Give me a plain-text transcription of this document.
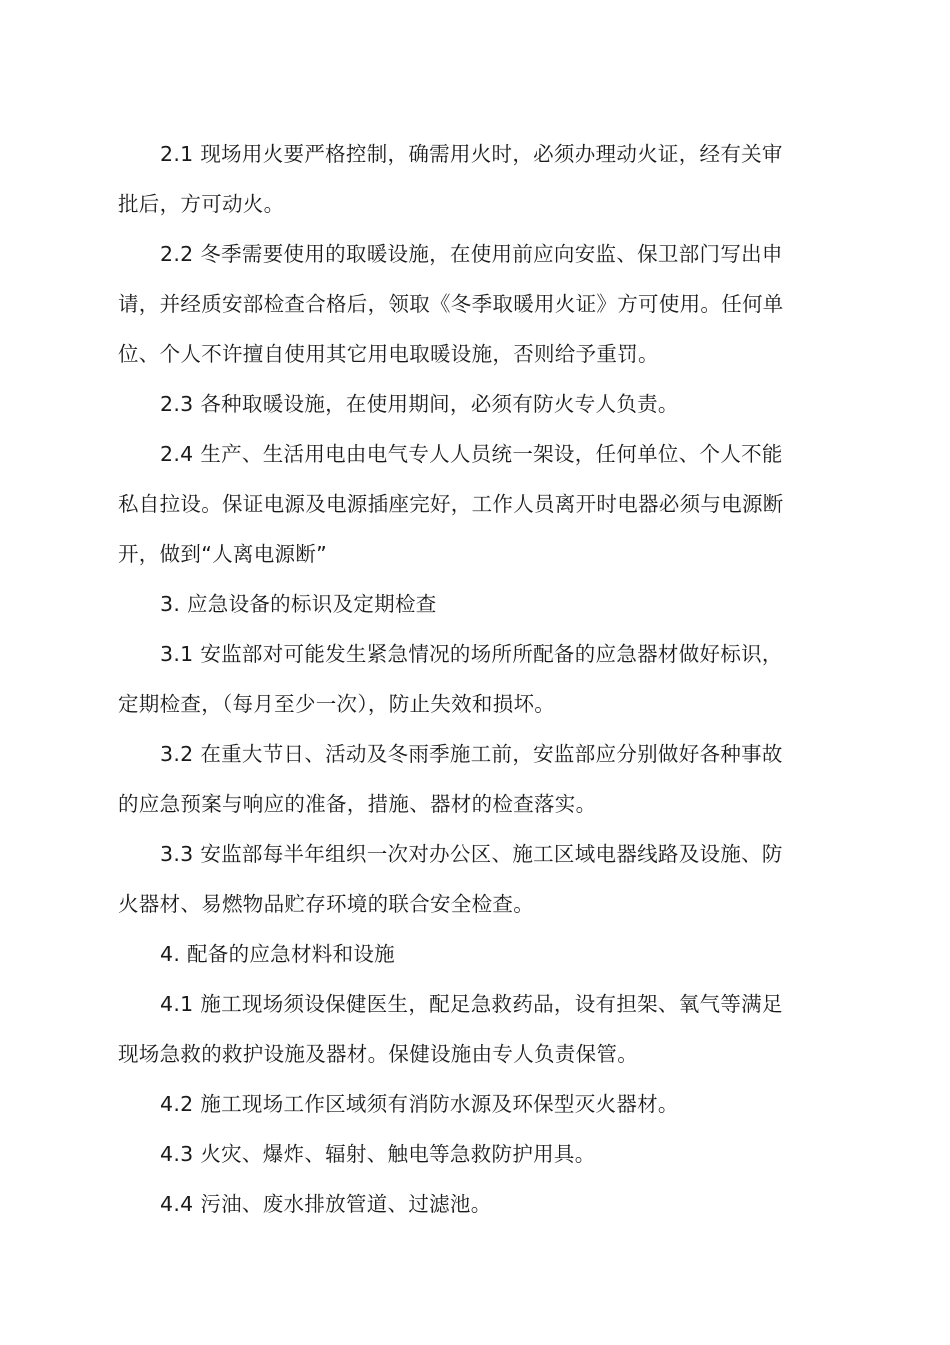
2.1 现场用火要严格控制，确需用火时，必须办理动火证，经有关审
批后，方可动火。
2.2 冬季需要使用的取暖设施，在使用前应向安监、保卫部门写出申
请，并经质安部检查合格后，领取《冬季取暖用火证》方可使用。任何单
位、个人不许擅自使用其它用电取暖设施，否则给予重罚。
2.3 各种取暖设施，在使用期间，必须有防火专人负责。
2.4 生产、生活用电由电气专人人员统一架设，任何单位、个人不能
私自拉设。保证电源及电源插座完好，工作人员离开时电器必须与电源断
开，做到“人离电源断”
3. 应急设备的标识及定期检查
3.1 安监部对可能发生紧急情况的场所所配备的应急器材做好标识，
定期检查，（每月至少一次），防止失效和损坏。
3.2 在重大节日、活动及冬雨季施工前，安监部应分别做好各种事故
的应急预案与响应的准备，措施、器材的检查落实。
3.3 安监部每半年组织一次对办公区、施工区域电器线路及设施、防
火器材、易燃物品贮存环境的联合安全检查。
4. 配备的应急材料和设施
4.1 施工现场须设保健医生，配足急救药品，设有担架、氧气等满足
现场急救的救护设施及器材。保健设施由专人负责保管。
4.2 施工现场工作区域须有消防水源及环保型灭火器材。
4.3 火灾、爆炸、辐射、触电等急救防护用具。
4.4 污油、废水排放管道、过滤池。
